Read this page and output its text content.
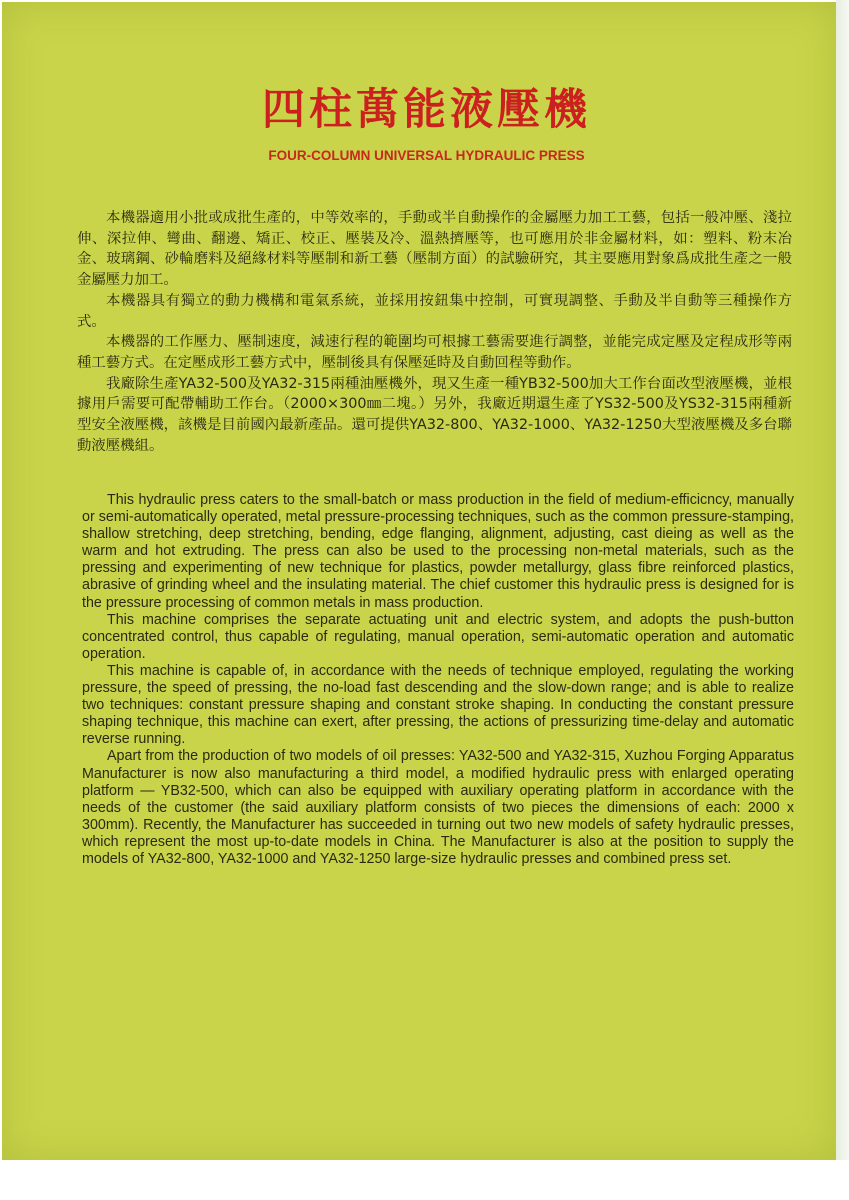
四柱萬能液壓機
FOUR-COLUMN UNIVERSAL HYDRAULIC PRESS

本機器適用小批或成批生產的，中等效率的，手動或半自動操作的金屬壓力加工工藝，包括一般冲壓、淺拉伸、深拉伸、彎曲、翻邊、矯正、校正、壓裝及冷、溫熱擠壓等，也可應用於非金屬材料，如：塑料、粉末冶金、玻璃鋼、砂輪磨料及絕緣材料等壓制和新工藝（壓制方面）的試驗研究，其主要應用對象爲成批生產之一般金屬壓力加工。

本機器具有獨立的動力機構和電氣系統，並採用按鈕集中控制，可實現調整、手動及半自動等三種操作方式。

本機器的工作壓力、壓制速度，減速行程的範圍均可根據工藝需要進行調整，並能完成定壓及定程成形等兩種工藝方式。在定壓成形工藝方式中，壓制後具有保壓延時及自動回程等動作。

我廠除生產YA32-500及YA32-315兩種油壓機外，現又生產一種YB32-500加大工作台面改型液壓機，並根據用戶需要可配帶輔助工作台。（2000×300㎜二塊。）另外，我廠近期還生產了YS32-500及YS32-315兩種新型安全液壓機，該機是目前國內最新產品。還可提供YA32-800、YA32-1000、YA32-1250大型液壓機及多台聯動液壓機組。

This hydraulic press caters to the small-batch or mass production in the field of medium-efficicncy, manually or semi-automatically operated, metal pressure-processing techniques, such as the common pressure-stamping, shallow stretching, deep stretching, bending, edge flanging, alignment, adjusting, cast dieing as well as the warm and hot extruding. The press can also be used to the processing non-metal materials, such as the pressing and experimenting of new technique for plastics, powder metallurgy, glass fibre reinforced plastics, abrasive of grinding wheel and the insulating material. The chief customer this hydraulic press is designed for is the pressure processing of common metals in mass production.

This machine comprises the separate actuating unit and electric system, and adopts the push-button concentrated control, thus capable of regulating, manual operation, semi-automatic operation and automatic operation.

This machine is capable of, in accordance with the needs of technique employed, regulating the working pressure, the speed of pressing, the no-load fast descending and the slow-down range; and is able to realize two techniques: constant pressure shaping and constant stroke shaping. In conducting the constant pressure shaping technique, this machine can exert, after pressing, the actions of pressurizing time-delay and automatic reverse running.

Apart from the production of two models of oil presses: YA32-500 and YA32-315, Xuzhou Forging Apparatus Manufacturer is now also manufacturing a third model, a modified hydraulic press with enlarged operating platform — YB32-500, which can also be equipped with auxiliary operating platform in accordance with the needs of the customer (the said auxiliary platform consists of two pieces the dimensions of each: 2000 x 300mm). Recently, the Manufacturer has succeeded in turning out two new models of safety hydraulic presses, which represent the most up-to-date models in China. The Manufacturer is also at the position to supply the models of YA32-800, YA32-1000 and YA32-1250 large-size hydraulic presses and combined press set.
